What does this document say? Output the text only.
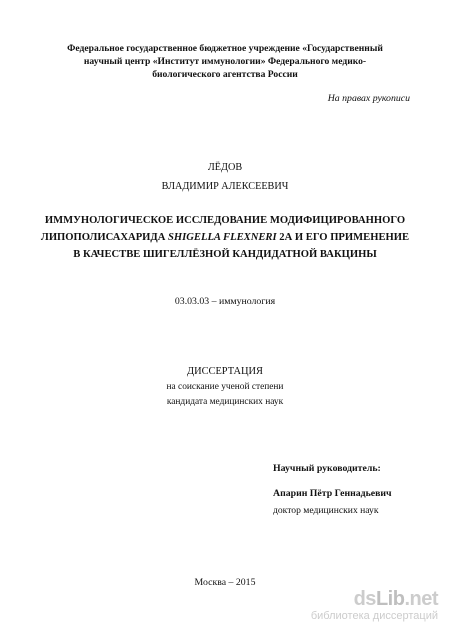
Федеральное государственное бюджетное учреждение «Государственный
научный центр «Институт иммунологии» Федерального медико-
биологического агентства России
На правах рукописи
ЛЁДОВ
ВЛАДИМИР АЛЕКСЕЕВИЧ
ИММУНОЛОГИЧЕСКОЕ ИССЛЕДОВАНИЕ МОДИФИЦИРОВАННОГО
ЛИПОПОЛИСАХАРИДА SHIGELLA FLEXNERI 2А И ЕГО ПРИМЕНЕНИЕ
В КАЧЕСТВЕ ШИГЕЛЛЁЗНОЙ КАНДИДАТНОЙ ВАКЦИНЫ
03.03.03 – иммунология
ДИССЕРТАЦИЯ
на соискание ученой степени
кандидата медицинских наук
Научный руководитель:
Апарин Пётр Геннадьевич
доктор медицинских наук
Москва – 2015
dsLib.net
библиотека диссертаций
